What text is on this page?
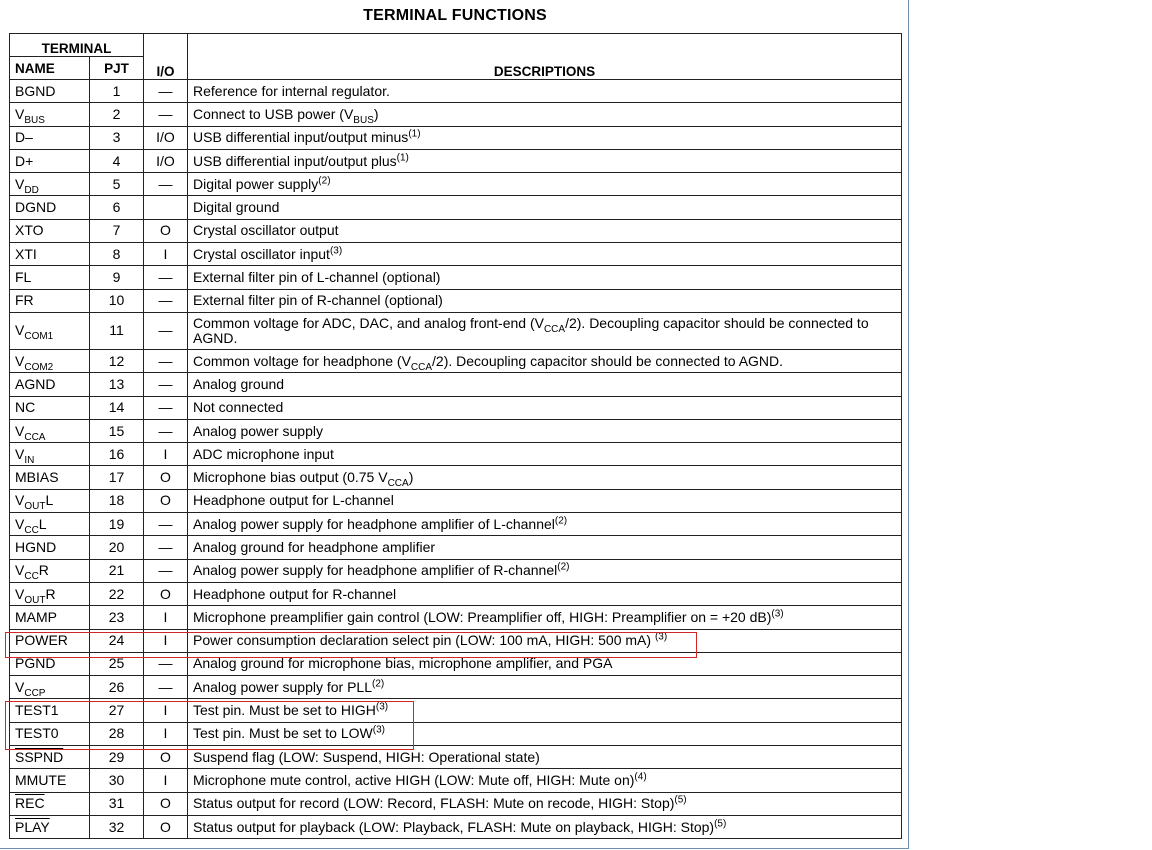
TERMINAL FUNCTIONS
TERMINAL		I/O	DESCRIPTIONS
NAME	PJT		
BGND	1	—	Reference for internal regulator.
$V_{BUS}$	2	—	Connect to USB power $(V_{BUS})$
D–	3	I/O	USB differential input/output minus$^{(1)}$
D+	4	I/O	USB differential input/output plus$^{(1)}$
$V_{DD}$	5	—	Digital power supply$^{(2)}$
DGND	6		Digital ground
XTO	7	O	Crystal oscillator output
XTI	8	I	Crystal oscillator input$^{(3)}$
FL	9	—	External filter pin of L-channel (optional)
FR	10	—	External filter pin of R-channel (optional)
$V_{COM1}$	11	—	Common voltage for ADC, DAC, and analog front-end $(V_{CCA}/2)$. Decoupling capacitor should be connected to AGND.
$V_{COM2}$	12	—	Common voltage for headphone $(V_{CCA}/2)$. Decoupling capacitor should be connected to AGND.
AGND	13	—	Analog ground
NC	14	—	Not connected
$V_{CCA}$	15	—	Analog power supply
$V_{IN}$	16	I	ADC microphone input
MBIAS	17	O	Microphone bias output (0.75 $V_{CCA}$)
$V_{OUT}L$	18	O	Headphone output for L-channel
$V_{CC}L$	19	—	Analog power supply for headphone amplifier of L-channel$^{(2)}$
HGND	20	—	Analog ground for headphone amplifier
$V_{CC}R$	21	—	Analog power supply for headphone amplifier of R-channel$^{(2)}$
$V_{OUT}R$	22	O	Headphone output for R-channel
MAMP	23	I	Microphone preamplifier gain control (LOW: Preamplifier off, HIGH: Preamplifier on = +20 dB)$^{(3)}$
POWER	24	I	Power consumption declaration select pin (LOW: 100 mA, HIGH: 500 mA) $^{(3)}$
PGND	25	—	Analog ground for microphone bias, microphone amplifier, and PGA
$V_{CCP}$	26	—	Analog power supply for PLL$^{(2)}$
TEST1	27	I	Test pin. Must be set to HIGH$^{(3)}$
TEST0	28	I	Test pin. Must be set to LOW$^{(3)}$
SSPND	29	O	Suspend flag (LOW: Suspend, HIGH: Operational state)
MMUTE	30	I	Microphone mute control, active HIGH (LOW: Mute off, HIGH: Mute on)$^{(4)}$
$\overline{REC}$	31	O	Status output for record (LOW: Record, FLASH: Mute on recode, HIGH: Stop)$^{(5)}$
PLAY	32	O	Status output for playback (LOW: Playback, FLASH: Mute on playback, HIGH: Stop)$^{(5)}$
